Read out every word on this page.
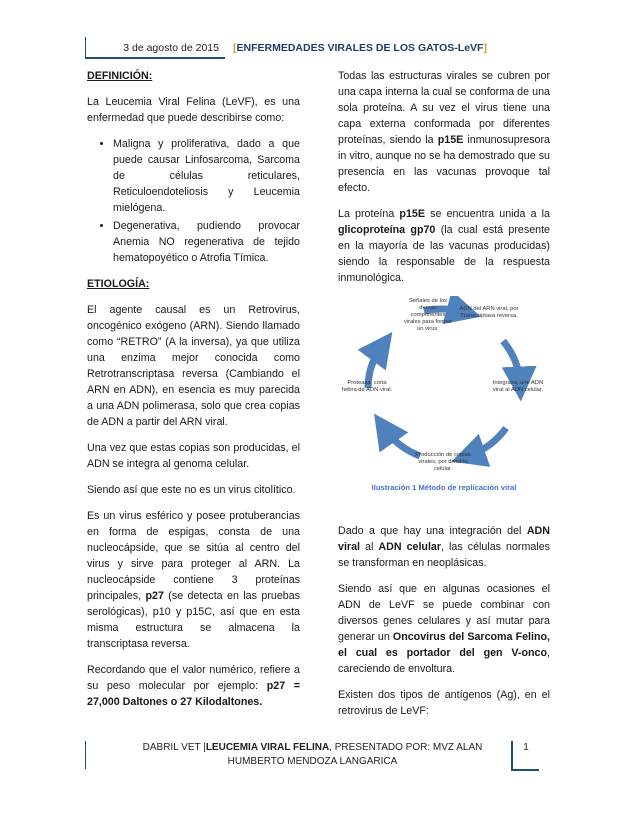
3 de agosto de 2015	[ENFERMEDADES VIRALES DE LOS GATOS-LeVF]
DEFINICIÓN:

La Leucemia Viral Felina (LeVF), es una enfermedad que puede describirse como:

• Maligna y proliferativa, dado a que puede causar Linfosarcoma, Sarcoma de células reticulares, Reticuloendoteliosis y Leucemia mielógena.
• Degenerativa, pudiendo provocar Anemia NO regenerativa de tejido hematopoyético o Atrofia Tímica.
ETIOLOGÍA:

El agente causal es un Retrovirus, oncogénico exógeno (ARN). Siendo llamado como “RETRO” (A la inversa), ya que utiliza una enzima mejor conocida como Retrotranscriptasa reversa (Cambiando el ARN en ADN), en esencia es muy parecida a una ADN polimerasa, solo que crea copias de ADN a partir del ARN viral.

Una vez que estas copias son producidas, el ADN se integra al genoma celular.

Siendo así que este no es un virus citolítico.

Es un virus esférico y posee protuberancias en forma de espigas, consta de una nucleocápside, que se sitúa al centro del virus y sirve para proteger al ARN. La nucleocápside contiene 3 proteínas principales, p27 (se detecta en las pruebas serológicas), p10 y p15C, así que en esta misma estructura se almacena la transcriptasa reversa.

Recordando que el valor numérico, refiere a su peso molecular por ejemplo: p27 = 27,000 Daltones o 27 Kilodaltones.

Todas las estructuras virales se cubren por una capa interna la cual se conforma de una sola proteína. A su vez el virus tiene una capa externa conformada por diferentes proteínas, siendo la p15E inmunosupresora in vitro, aunque no se ha demostrado que su presencia en las vacunas provoque tal efecto.

La proteína p15E se encuentra unida a la glicoproteína gp70 (la cual está presente en la mayoría de las vacunas producidas) siendo la responsable de la respuesta inmunológica.

Señales de los demás componentes virales para formar un virus.
ADN del ARN viral, por Transcriptasa reversa.
Integrasa, une ADN viral al ADN celular.
Producción de copias virales, por división celular.
Proteasa, corta hebra de ADN viral.
Ilustración 1 Método de replicación viral

Dado a que hay una integración del ADN viral al ADN celular, las células normales se transforman en neoplásicas.

Siendo así que en algunas ocasiones el ADN de LeVF se puede combinar con diversos genes celulares y así mutar para generar un Oncovirus del Sarcoma Felino, el cual es portador del gen V-onco, careciendo de envoltura.

Existen dos tipos de antígenos (Ag), en el retrovirus de LeVF:

DABRIL VET |LEUCEMIA VIRAL FELINA, PRESENTADO POR: MVZ ALAN HUMBERTO MENDOZA LANGARICA
1
